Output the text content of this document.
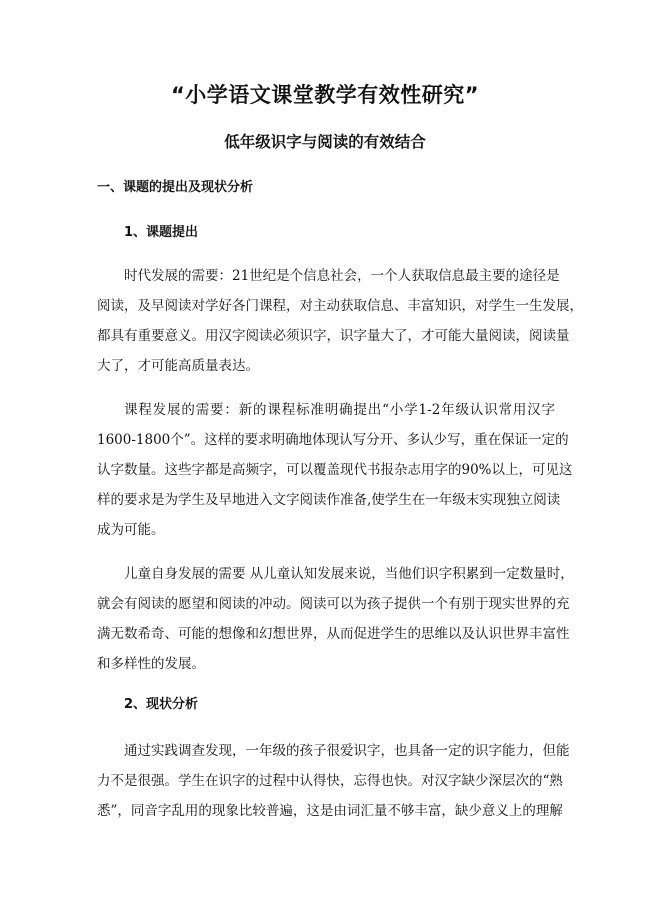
“小学语文课堂教学有效性研究”
低年级识字与阅读的有效结合
一、课题的提出及现状分析
1、课题提出
时代发展的需要：21世纪是个信息社会，一个人获取信息最主要的途径是
阅读，及早阅读对学好各门课程，对主动获取信息、丰富知识，对学生一生发展，
都具有重要意义。用汉字阅读必须识字，识字量大了，才可能大量阅读，阅读量
大了，才可能高质量表达。
课程发展的需要：新的课程标准明确提出“小学1-2年级认识常用汉字
1600-1800个”。这样的要求明确地体现认写分开、多认少写，重在保证一定的
认字数量。这些字都是高频字，可以覆盖现代书报杂志用字的90%以上，可见这
样的要求是为学生及早地进入文字阅读作准备,使学生在一年级末实现独立阅读
成为可能。
儿童自身发展的需要 从儿童认知发展来说，当他们识字积累到一定数量时，
就会有阅读的愿望和阅读的冲动。阅读可以为孩子提供一个有别于现实世界的充
满无数希奇、可能的想像和幻想世界，从而促进学生的思维以及认识世界丰富性
和多样性的发展。
2、现状分析
通过实践调查发现，一年级的孩子很爱识字，也具备一定的识字能力，但能
力不是很强。学生在识字的过程中认得快，忘得也快。对汉字缺少深层次的“熟
悉”，同音字乱用的现象比较普遍，这是由词汇量不够丰富，缺少意义上的理解
